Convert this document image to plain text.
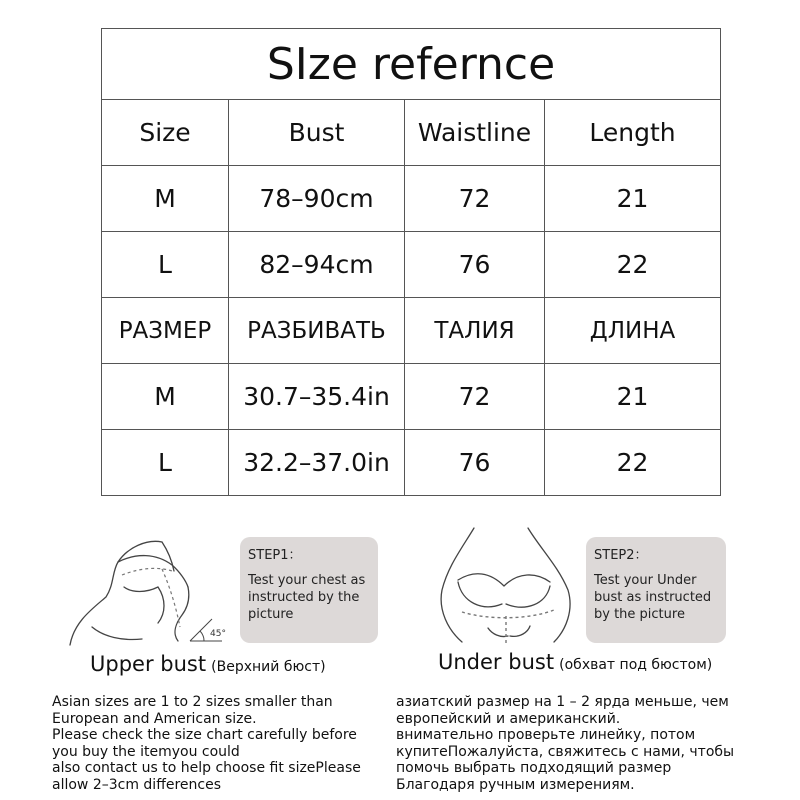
SIze refernce			
Size	Bust	Waistline	Length
M	78–90cm	72	21
L	82–94cm	76	22
РАЗМЕР	РАЗБИВАТЬ	ТАЛИЯ	ДЛИНА
M	30.7–35.4in	72	21
L	32.2–37.0in	76	22
45°
STEP1：
Test your chest as instructed by the picture
Upper bust (Верхний бюст)
STEP2：
Test your Under bust as instructed by the picture
Under bust (обхват под бюстом)
Asian sizes are 1 to 2 sizes smaller than
European and American size.
Please check the size chart carefully before
you buy the itemyou could
also contact us to help choose fit sizePlease
allow 2–3cm differences
азиатский размер на 1 – 2 ярда меньше, чем
европейский и американский.
внимательно проверьте линейку, потом
купитеПожалуйста, свяжитесь с нами, чтобы
помочь выбрать подходящий размер
Благодаря ручным измерениям.
